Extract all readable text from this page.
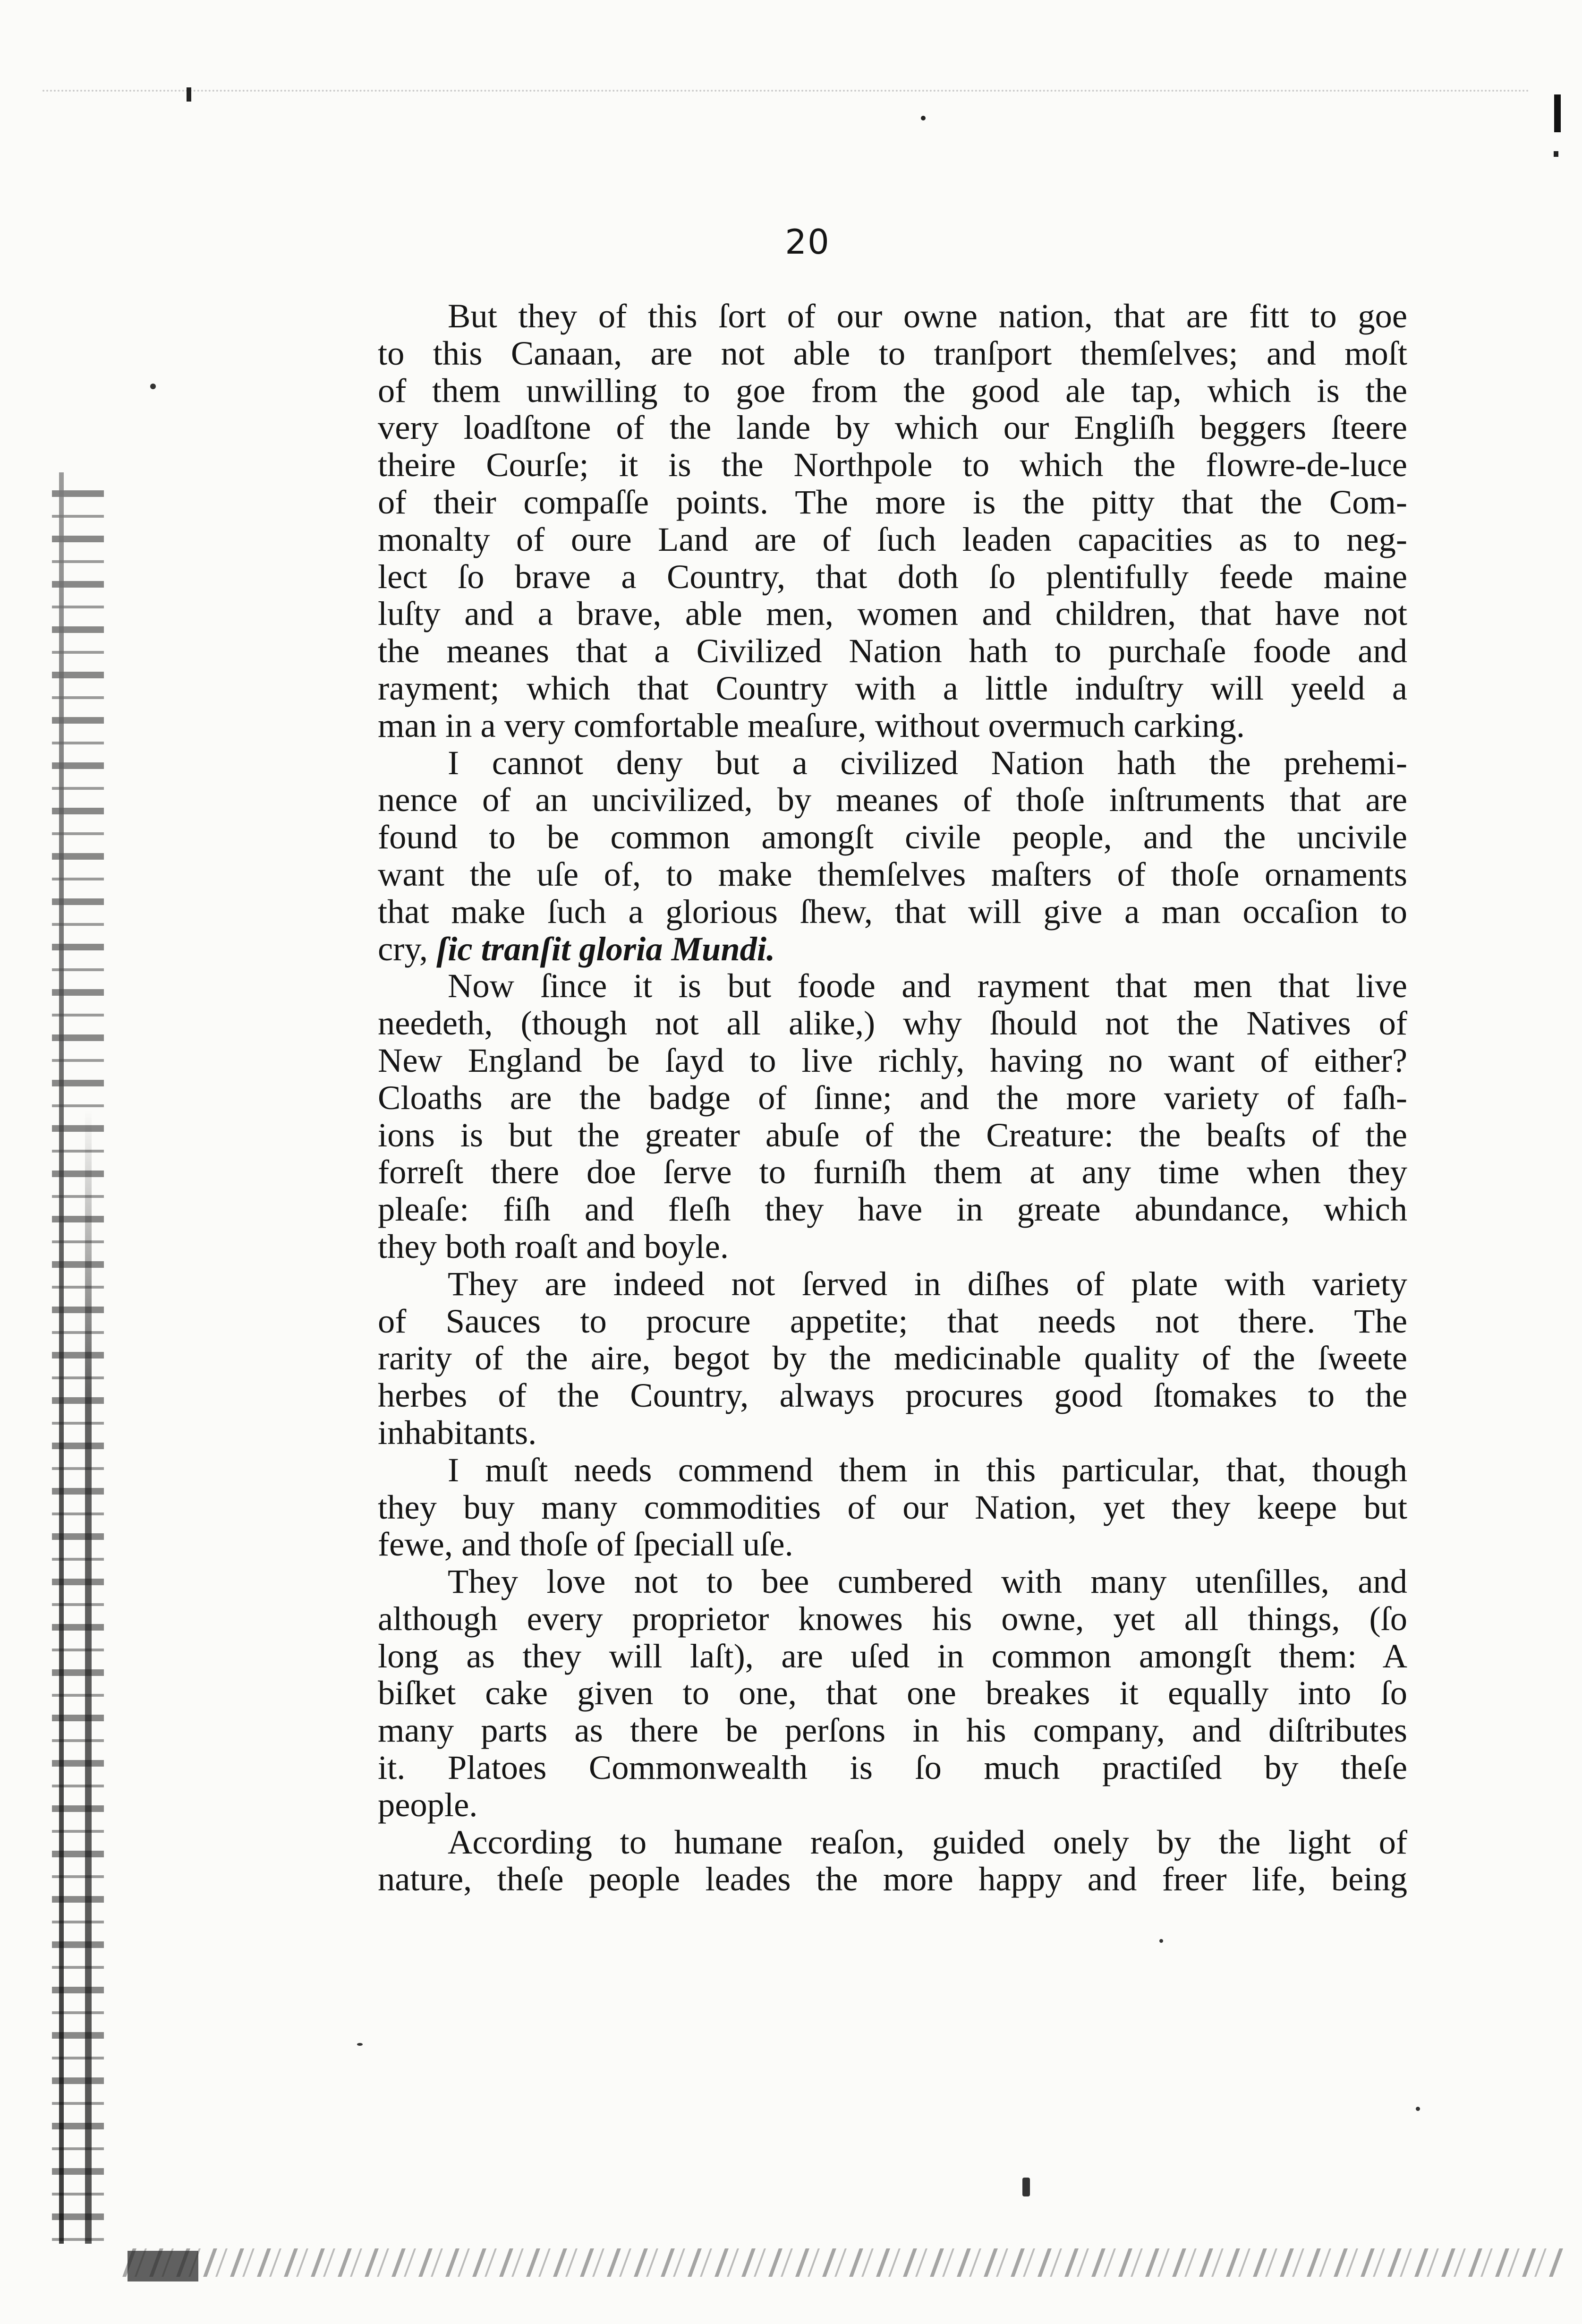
20

But they of this ſort of our owne nation, that are fitt to goe
to this Canaan, are not able to tranſport themſelves; and moſt
of them unwilling to goe from the good ale tap, which is the
very loadſtone of the lande by which our Engliſh beggers ſteere
theire Courſe; it is the Northpole to which the flowre-de-luce
of their compaſſe points. The more is the pitty that the Com-
monalty of oure Land are of ſuch leaden capacities as to neg-
lect ſo brave a Country, that doth ſo plentifully feede maine
luſty and a brave, able men, women and children, that have not
the meanes that a Civilized Nation hath to purchaſe foode and
rayment; which that Country with a little induſtry will yeeld a
man in a very comfortable meaſure, without overmuch carking.
I cannot deny but a civilized Nation hath the prehemi-
nence of an uncivilized, by meanes of thoſe inſtruments that are
found to be common amongſt civile people, and the uncivile
want the uſe of, to make themſelves maſters of thoſe ornaments
that make ſuch a glorious ſhew, that will give a man occaſion to
cry, ſic tranſit gloria Mundi.
Now ſince it is but foode and rayment that men that live
needeth, (though not all alike,) why ſhould not the Natives of
New England be ſayd to live richly, having no want of either?
Cloaths are the badge of ſinne; and the more variety of faſh-
ions is but the greater abuſe of the Creature: the beaſts of the
forreſt there doe ſerve to furniſh them at any time when they
pleaſe: fiſh and fleſh they have in greate abundance, which
they both roaſt and boyle.
They are indeed not ſerved in diſhes of plate with variety
of Sauces to procure appetite; that needs not there. The
rarity of the aire, begot by the medicinable quality of the ſweete
herbes of the Country, always procures good ſtomakes to the
inhabitants.
I muſt needs commend them in this particular, that, though
they buy many commodities of our Nation, yet they keepe but
fewe, and thoſe of ſpeciall uſe.
They love not to bee cumbered with many utenſilles, and
although every proprietor knowes his owne, yet all things, (ſo
long as they will laſt), are uſed in common amongſt them: A
biſket cake given to one, that one breakes it equally into ſo
many parts as there be perſons in his company, and diſtributes
it. Platoes Commonwealth is ſo much practiſed by theſe
people.
According to humane reaſon, guided onely by the light of
nature, theſe people leades the more happy and freer life, being
